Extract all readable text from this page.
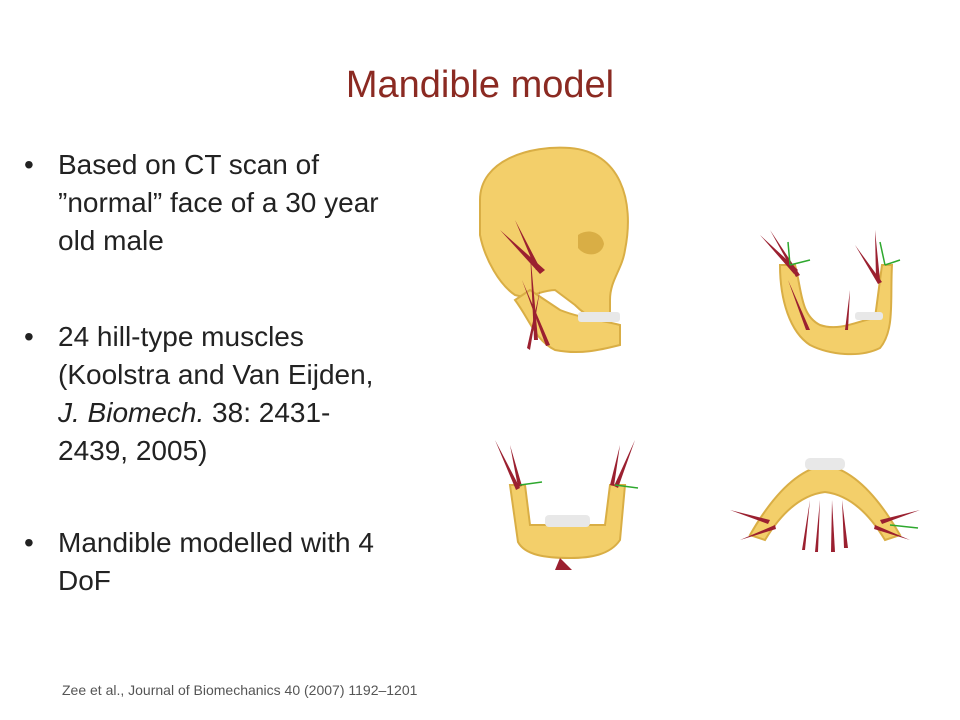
Mandible model
• Based on CT scan of
”normal” face of a 30 year
old male
• 24 hill-type muscles
(Koolstra and Van Eijden,
J. Biomech. 38: 2431-
2439, 2005)
• Mandible modelled with 4
DoF
Zee et al., Journal of Biomechanics 40 (2007) 1192–1201
